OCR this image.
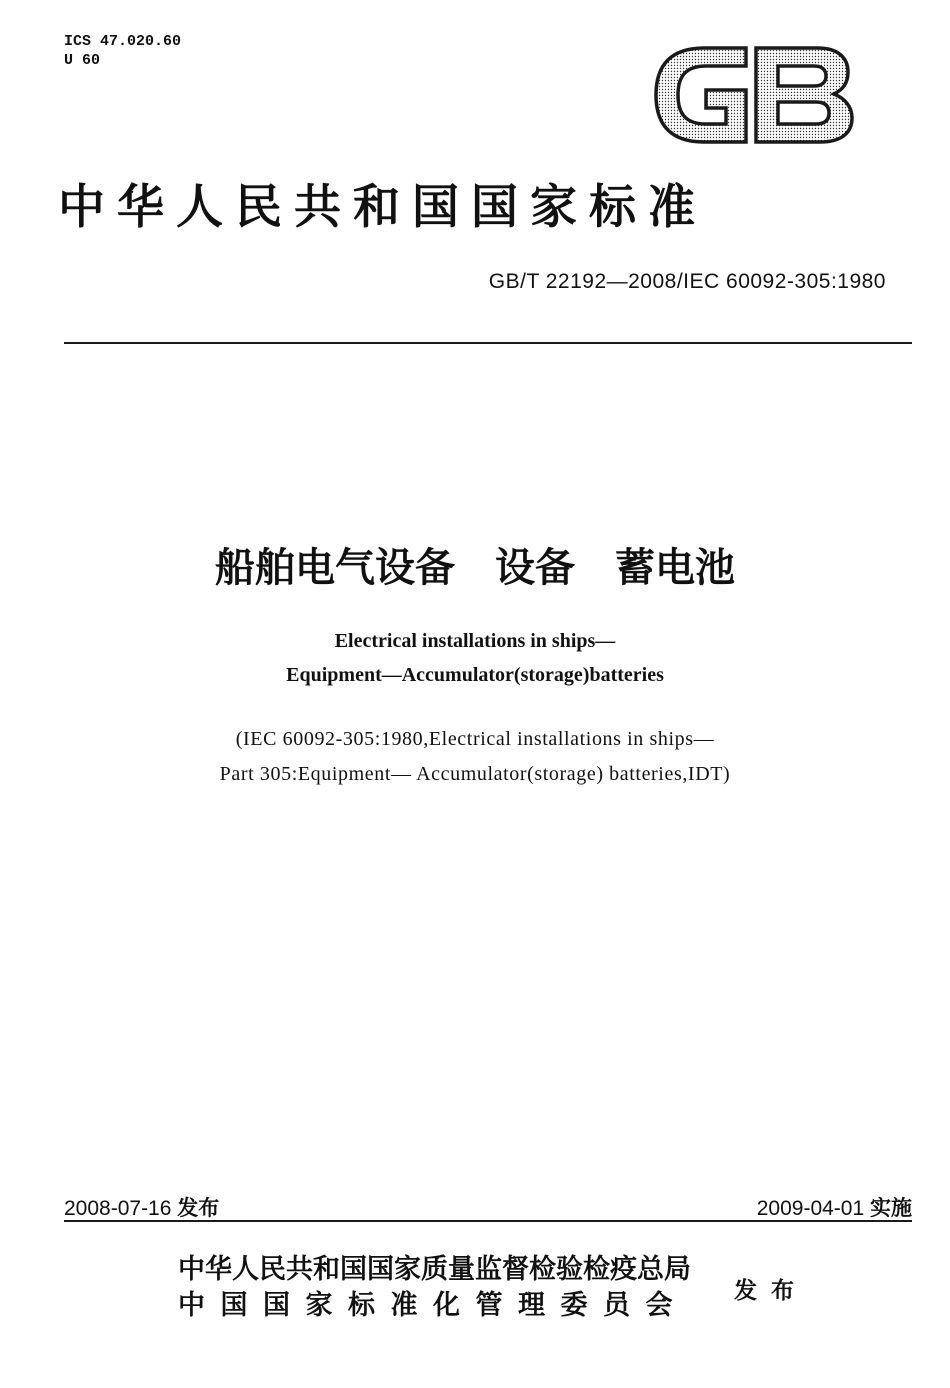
ICS 47.020.60
U 60
GB
中华人民共和国国家标准
GB/T 22192—2008/IEC 60092-305:1980
船舶电气设备　设备　蓄电池
Electrical installations in ships—
Equipment—Accumulator(storage)batteries
(IEC 60092-305:1980,Electrical installations in ships—
Part 305:Equipment— Accumulator(storage) batteries,IDT)
2008-07-16 发布	2009-04-01 实施
中华人民共和国国家质量监督检验检疫总局
中国国家标准化管理委员会 发布
